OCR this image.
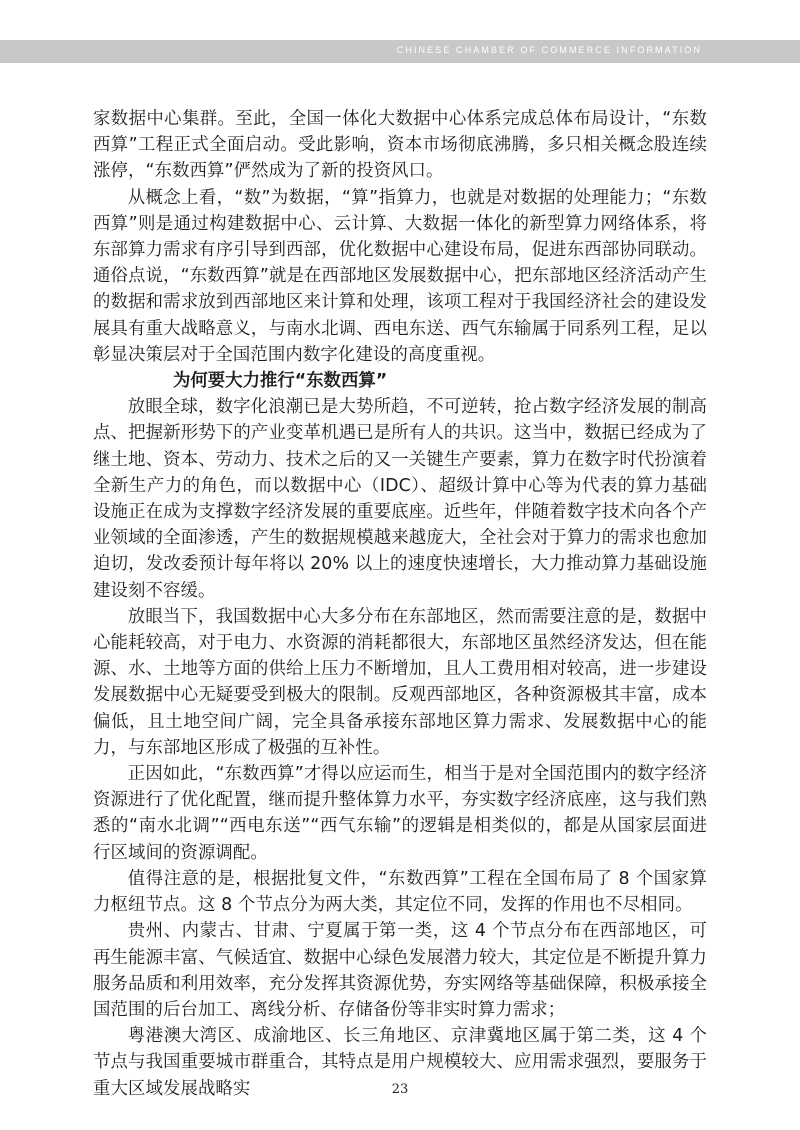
CHINESE CHAMBER OF COMMERCE INFORMATION

家数据中心集群。至此，全国一体化大数据中心体系完成总体布局设计，“东数西算”工程正式全面启动。受此影响，资本市场彻底沸腾，多只相关概念股连续涨停，“东数西算”俨然成为了新的投资风口。

从概念上看，“数”为数据，“算”指算力，也就是对数据的处理能力；“东数西算”则是通过构建数据中心、云计算、大数据一体化的新型算力网络体系，将东部算力需求有序引导到西部，优化数据中心建设布局，促进东西部协同联动。通俗点说，“东数西算”就是在西部地区发展数据中心，把东部地区经济活动产生的数据和需求放到西部地区来计算和处理，该项工程对于我国经济社会的建设发展具有重大战略意义，与南水北调、西电东送、西气东输属于同系列工程，足以彰显决策层对于全国范围内数字化建设的高度重视。

为何要大力推行“东数西算”

放眼全球，数字化浪潮已是大势所趋，不可逆转，抢占数字经济发展的制高点、把握新形势下的产业变革机遇已是所有人的共识。这当中，数据已经成为了继土地、资本、劳动力、技术之后的又一关键生产要素，算力在数字时代扮演着全新生产力的角色，而以数据中心（IDC）、超级计算中心等为代表的算力基础设施正在成为支撑数字经济发展的重要底座。近些年，伴随着数字技术向各个产业领域的全面渗透，产生的数据规模越来越庞大，全社会对于算力的需求也愈加迫切，发改委预计每年将以 20% 以上的速度快速增长，大力推动算力基础设施建设刻不容缓。

放眼当下，我国数据中心大多分布在东部地区，然而需要注意的是，数据中心能耗较高，对于电力、水资源的消耗都很大，东部地区虽然经济发达，但在能源、水、土地等方面的供给上压力不断增加，且人工费用相对较高，进一步建设发展数据中心无疑要受到极大的限制。反观西部地区，各种资源极其丰富，成本偏低，且土地空间广阔，完全具备承接东部地区算力需求、发展数据中心的能力，与东部地区形成了极强的互补性。

正因如此，“东数西算”才得以应运而生，相当于是对全国范围内的数字经济资源进行了优化配置，继而提升整体算力水平，夯实数字经济底座，这与我们熟悉的“南水北调”“西电东送”“西气东输”的逻辑是相类似的，都是从国家层面进行区域间的资源调配。

值得注意的是，根据批复文件，“东数西算”工程在全国布局了 8 个国家算力枢纽节点。这 8 个节点分为两大类，其定位不同，发挥的作用也不尽相同。

贵州、内蒙古、甘肃、宁夏属于第一类，这 4 个节点分布在西部地区，可再生能源丰富、气候适宜、数据中心绿色发展潜力较大，其定位是不断提升算力服务品质和利用效率，充分发挥其资源优势，夯实网络等基础保障，积极承接全国范围的后台加工、离线分析、存储备份等非实时算力需求；

粤港澳大湾区、成渝地区、长三角地区、京津冀地区属于第二类，这 4 个节点与我国重要城市群重合，其特点是用户规模较大、应用需求强烈，要服务于重大区域发展战略实	23
